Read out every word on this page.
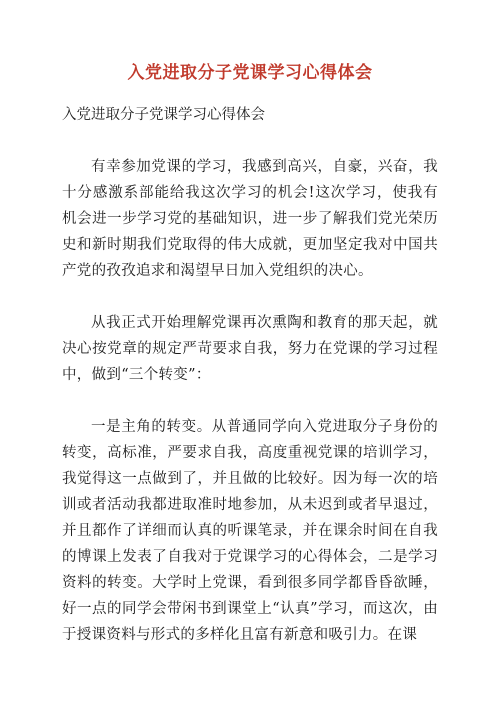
入党进取分子党课学习心得体会
入党进取分子党课学习心得体会

有幸参加党课的学习，我感到高兴，自豪，兴奋，我十分感激系部能给我这次学习的机会!这次学习，使我有机会进一步学习党的基础知识，进一步了解我们党光荣历史和新时期我们党取得的伟大成就，更加坚定我对中国共产党的孜孜追求和渴望早日加入党组织的决心。

从我正式开始理解党课再次熏陶和教育的那天起，就决心按党章的规定严苛要求自我，努力在党课的学习过程中，做到“三个转变”：

一是主角的转变。从普通同学向入党进取分子身份的转变，高标准，严要求自我，高度重视党课的培训学习，我觉得这一点做到了，并且做的比较好。因为每一次的培训或者活动我都进取准时地参加，从未迟到或者早退过，并且都作了详细而认真的听课笔录，并在课余时间在自我的博课上发表了自我对于党课学习的心得体会，二是学习资料的转变。大学时上党课，看到很多同学都昏昏欲睡，好一点的同学会带闲书到课堂上“认真”学习，而这次，由于授课资料与形式的多样化且富有新意和吸引力。在课
